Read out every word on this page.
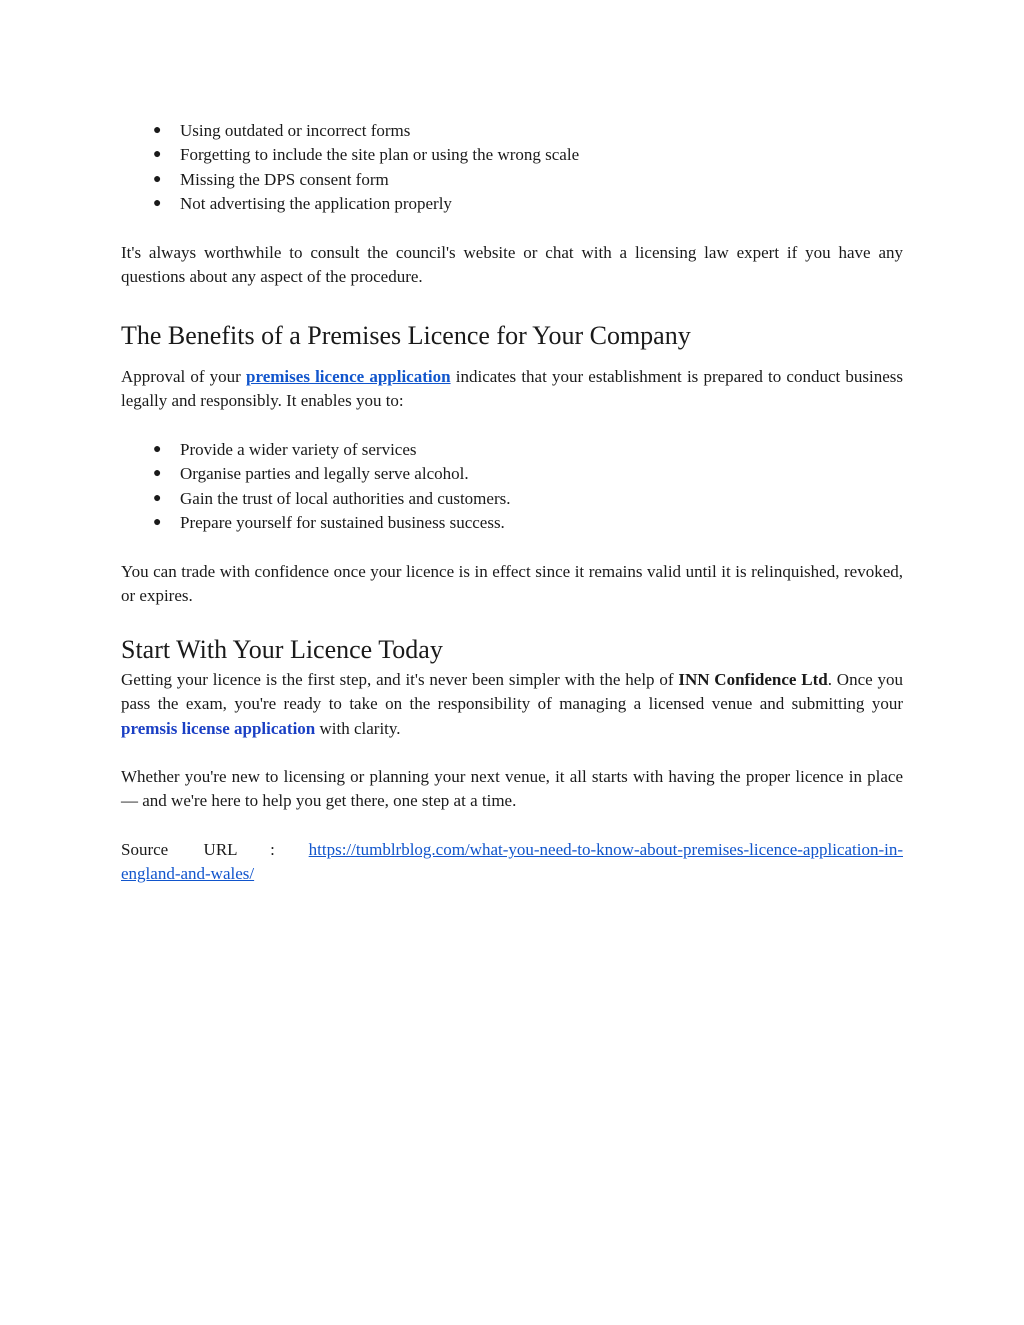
● Using outdated or incorrect forms
● Forgetting to include the site plan or using the wrong scale
● Missing the DPS consent form
● Not advertising the application properly

It's always worthwhile to consult the council's website or chat with a licensing law expert if you have any questions about any aspect of the procedure.

The Benefits of a Premises Licence for Your Company

Approval of your premises licence application indicates that your establishment is prepared to conduct business legally and responsibly. It enables you to:

● Provide a wider variety of services
● Organise parties and legally serve alcohol.
● Gain the trust of local authorities and customers.
● Prepare yourself for sustained business success.

You can trade with confidence once your licence is in effect since it remains valid until it is relinquished, revoked, or expires.

Start With Your Licence Today

Getting your licence is the first step, and it's never been simpler with the help of INN Confidence Ltd. Once you pass the exam, you're ready to take on the responsibility of managing a licensed venue and submitting your premsis license application with clarity.

Whether you're new to licensing or planning your next venue, it all starts with having the proper licence in place — and we're here to help you get there, one step at a time.

Source URL : https://tumblrblog.com/what-you-need-to-know-about-premises-licence-application-in-

england-and-wales/
